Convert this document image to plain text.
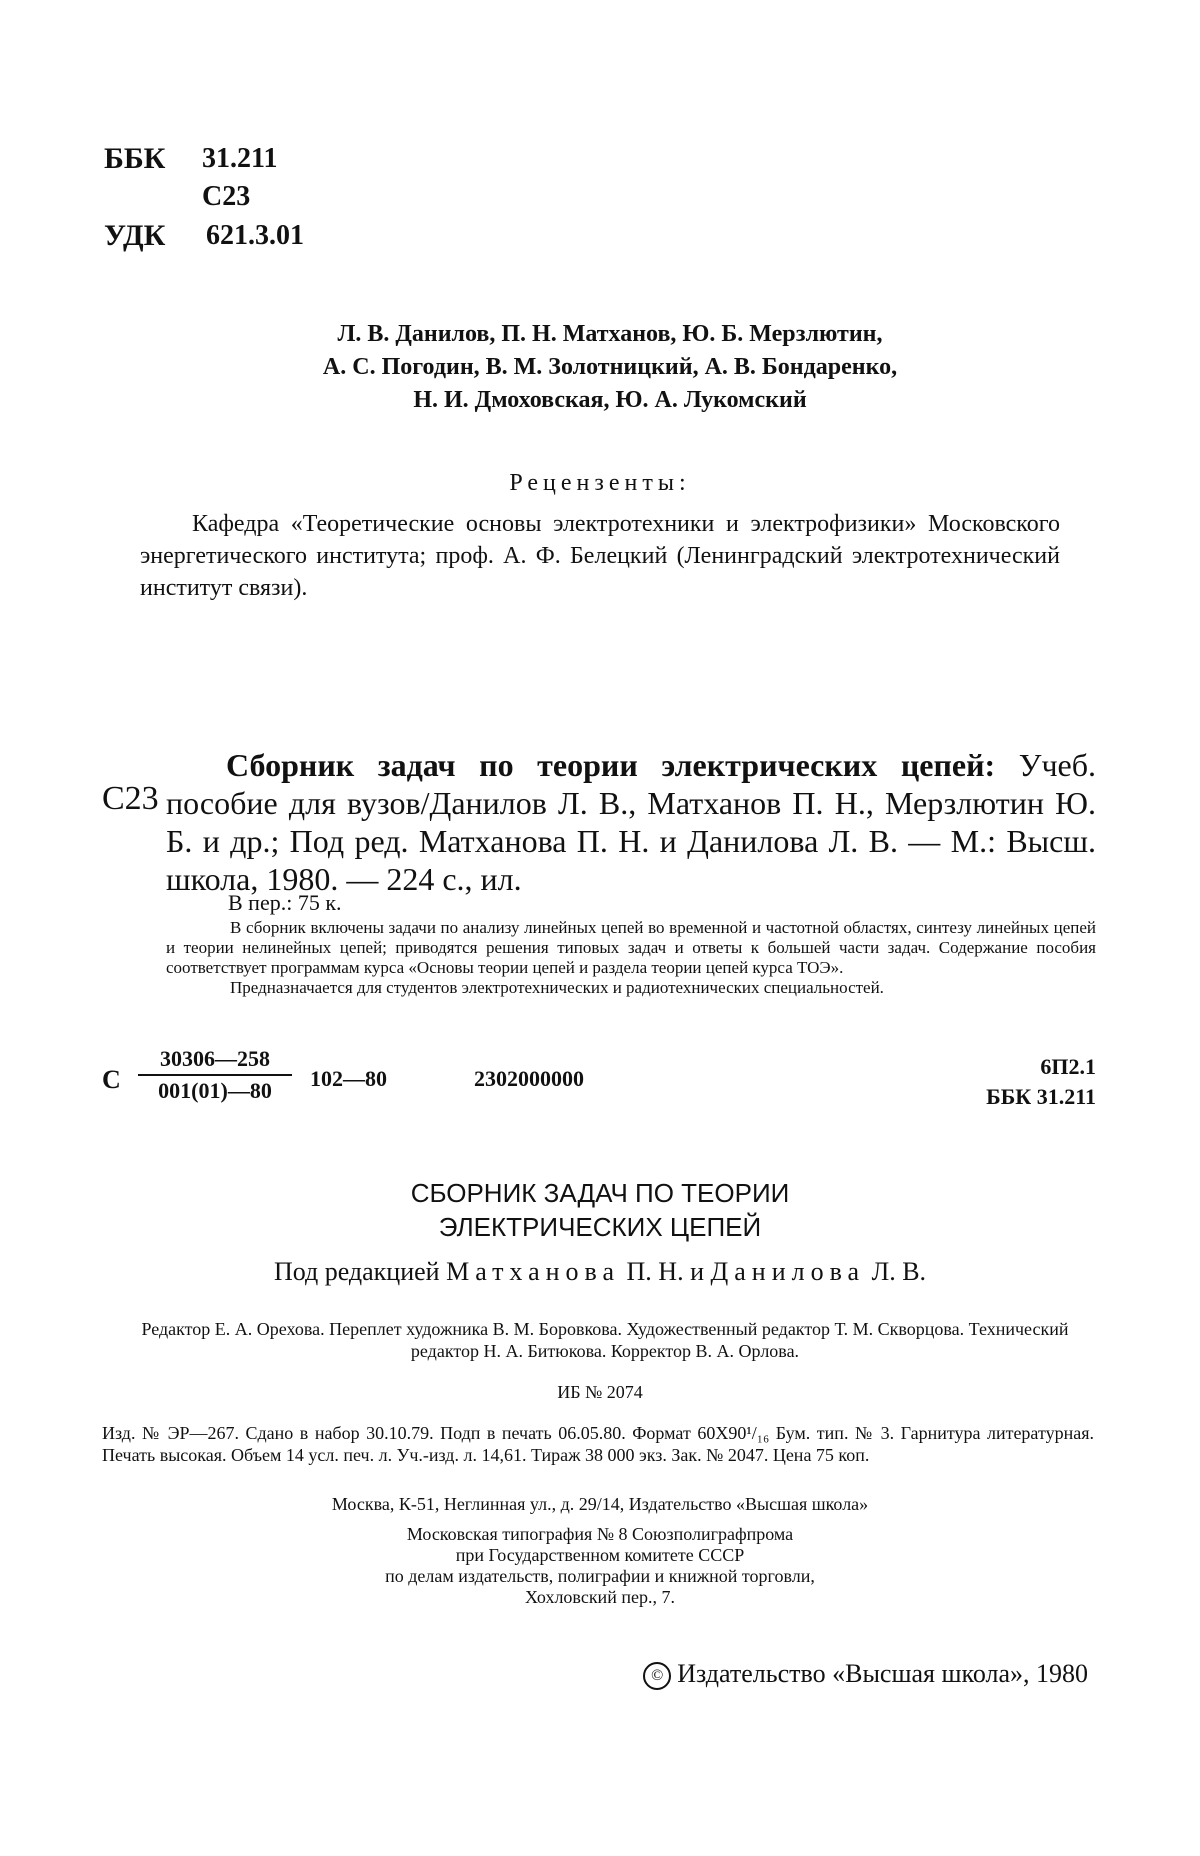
ББК 31.211
С23
УДК 621.3.01
Л. В. Данилов, П. Н. Матханов, Ю. Б. Мерзлютин,
А. С. Погодин, В. М. Золотницкий, А. В. Бондаренко,
Н. И. Дмоховская, Ю. А. Лукомский
Рецензенты:
Кафедра «Теоретические основы электротехники и электрофизики» Московского энергетического института; проф. А. Ф. Белецкий (Ленинградский электротехнический институт связи).
С23
Сборник задач по теории электрических цепей: Учеб. пособие для вузов/Данилов Л. В., Матханов П. Н., Мерзлютин Ю. Б. и др.; Под ред. Матханова П. Н. и Данилова Л. В. — М.: Высш. школа, 1980. — 224 с., ил.
В пер.: 75 к.

В сборник включены задачи по анализу линейных цепей во временной и частотной областях, синтезу линейных цепей и теории нелинейных цепей; приводятся решения типовых задач и ответы к большей части задач. Содержание пособия соответствует программам курса «Основы теории цепей и раздела теории цепей курса ТОЭ».

Предназначается для студентов электротехнических и радиотехнических специальностей.

С $\frac{30306—258}{001(01)—80}$ 102—80	2302000000	6П2.1
ББК 31.211
СБОРНИК ЗАДАЧ ПО ТЕОРИИ
ЭЛЕКТРИЧЕСКИХ ЦЕПЕЙ
Под редакцией Матханова П. Н. и Данилова Л. В.
Редактор Е. А. Орехова. Переплет художника В. М. Боровкова. Художественный редактор Т. М. Скворцова. Технический редактор Н. А. Битюкова. Корректор В. А. Орлова.
ИБ № 2074
Изд. № ЭР—267. Сдано в набор 30.10.79. Подп в печать 06.05.80. Формат 60Х90¹/₁₆ Бум. тип. № 3. Гарнитура литературная. Печать высокая. Объем 14 усл. печ. л. Уч.-изд. л. 14,61. Тираж 38 000 экз. Зак. № 2047. Цена 75 коп.
Москва, К-51, Неглинная ул., д. 29/14, Издательство «Высшая школа»
Московская типография № 8 Союзполиграфпрома
при Государственном комитете СССР
по делам издательств, полиграфии и книжной торговли,
Хохловский пер., 7.
© Издательство «Высшая школа», 1980
